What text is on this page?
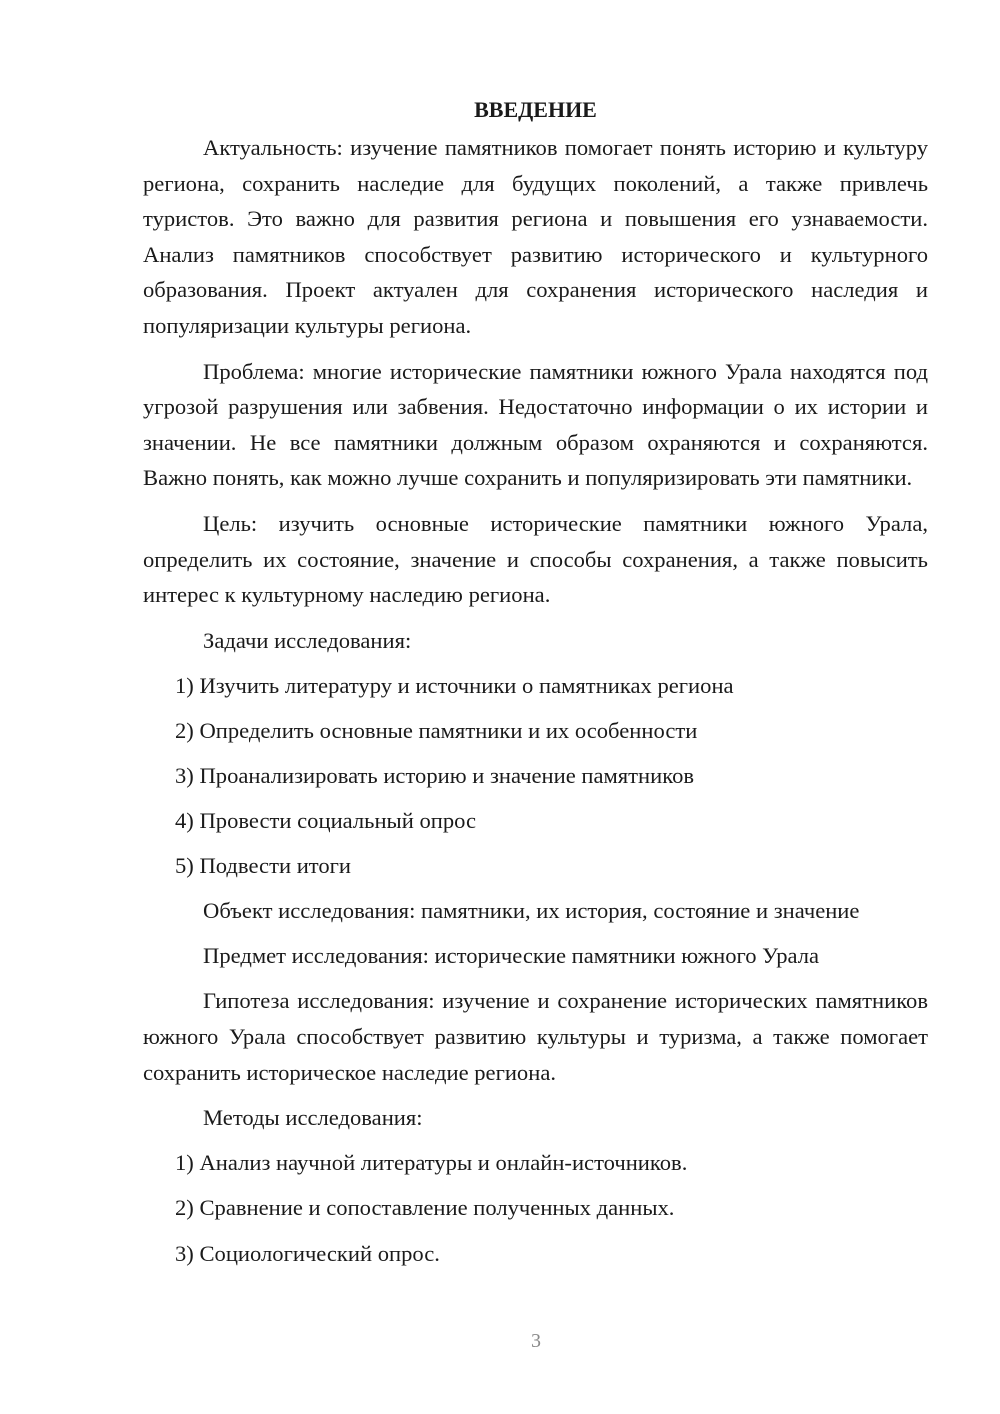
ВВЕДЕНИЕ

Актуальность: изучение памятников помогает понять историю и культуру региона, сохранить наследие для будущих поколений, а также привлечь туристов. Это важно для развития региона и повышения его узнаваемости. Анализ памятников способствует развитию исторического и культурного образования. Проект актуален для сохранения исторического наследия и популяризации культуры региона.

Проблема: многие исторические памятники южного Урала находятся под угрозой разрушения или забвения. Недостаточно информации о их истории и значении. Не все памятники должным образом охраняются и сохраняются. Важно понять, как можно лучше сохранить и популяризировать эти памятники.

Цель: изучить основные исторические памятники южного Урала, определить их состояние, значение и способы сохранения, а также повысить интерес к культурному наследию региона.

Задачи исследования:
1) Изучить литературу и источники о памятниках региона
2) Определить основные памятники и их особенности
3) Проанализировать историю и значение памятников
4) Провести социальный опрос
5) Подвести итоги
Объект исследования: памятники, их история, состояние и значение
Предмет исследования: исторические памятники южного Урала

Гипотеза исследования: изучение и сохранение исторических памятников южного Урала способствует развитию культуры и туризма, а также помогает сохранить историческое наследие региона.

Методы исследования:
1) Анализ научной литературы и онлайн-источников.
2) Сравнение и сопоставление полученных данных.
3) Социологический опрос.
3
